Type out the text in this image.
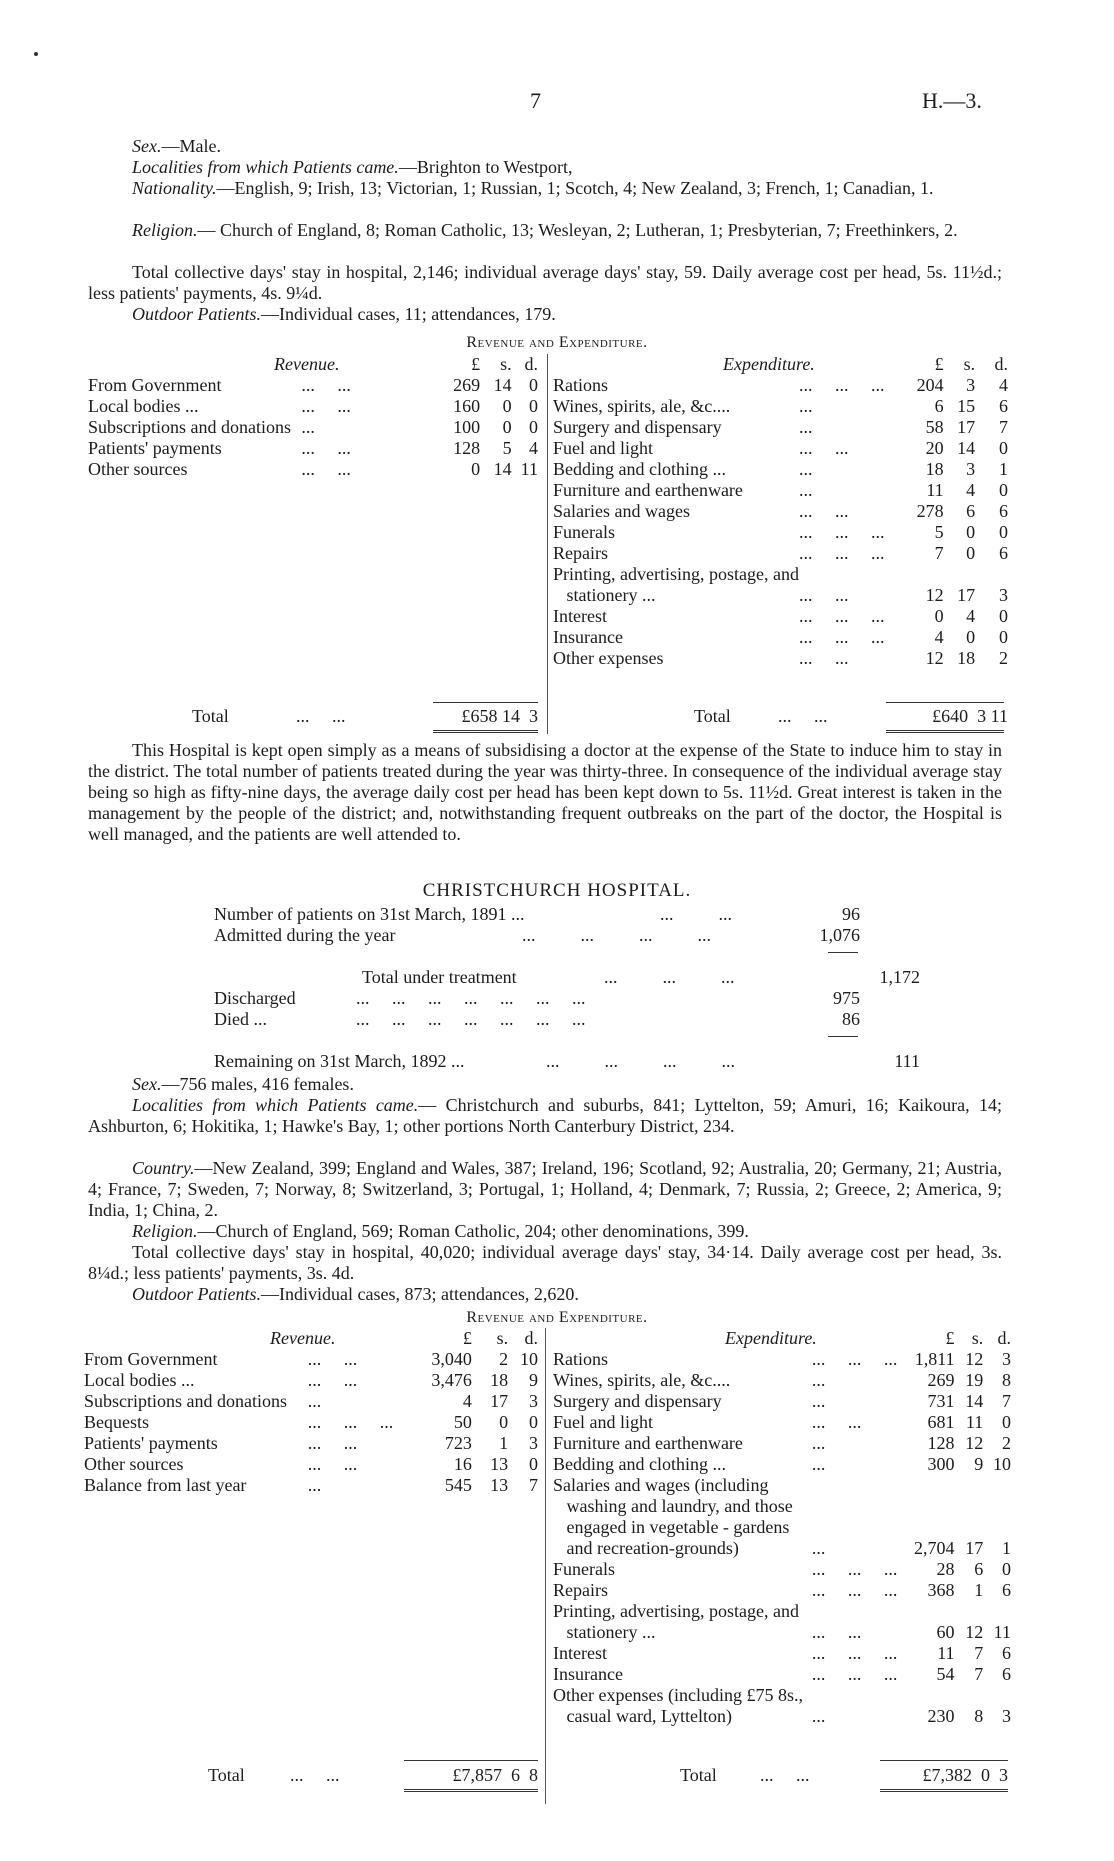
7	H.—3.
Sex.—Male.
Localities from which Patients came.—Brighton to Westport,
Nationality.—English, 9; Irish, 13; Victorian, 1; Russian, 1; Scotch, 4; New Zealand, 3; French, 1; Canadian, 1.
Religion.— Church of England, 8; Roman Catholic, 13; Wesleyan, 2; Lutheran, 1; Presbyterian, 7; Freethinkers, 2.
Total collective days' stay in hospital, 2,146; individual average days' stay, 59. Daily average cost per head, 5s. 11½d.; less patients' payments, 4s. 9¼d.
Outdoor Patients.—Individual cases, 11; attendances, 179.
Revenue and Expenditure.
Revenue.		£	s.	d.
From Government	...     ...	269	14	0
Local bodies ...	...     ...	160	0	0
Subscriptions and donations	...	100	0	0
Patients' payments	...     ...	128	5	4
Other sources	...     ...	0	14	11
Expenditure.		£	s.	d.
Rations	...     ...     ...	204	3	4
Wines, spirits, ale, &c....	...	6	15	6
Surgery and dispensary	...	58	17	7
Fuel and light	...     ...	20	14	0
Bedding and clothing ...	...	18	3	1
Furniture and earthenware	...	11	4	0
Salaries and wages	...     ...	278	6	6
Funerals	...     ...     ...	5	0	0
Repairs	...     ...     ...	7	0	6
Printing, advertising, postage, and				
stationery ...	...     ...	12	17	3
Interest	...     ...     ...	0	4	0
Insurance	...     ...     ...	4	0	0
Other expenses	...     ...	12	18	2
Total	...     ...	£658 14  3	Total	...     ...	£640  3 11
This Hospital is kept open simply as a means of subsidising a doctor at the expense of the State to induce him to stay in the district. The total number of patients treated during the year was thirty-three. In consequence of the individual average stay being so high as fifty-nine days, the average daily cost per head has been kept down to 5s. 11½d. Great interest is taken in the management by the people of the district; and, notwithstanding frequent outbreaks on the part of the doctor, the Hospital is well managed, and the patients are well attended to.
CHRISTCHURCH HOSPITAL.
Number of patients on 31st March, 1891 ...	...          ...	96
Admitted during the year	...          ...          ...          ...	1,076
Total under treatment	...          ...          ...	1,172
Discharged	...     ...     ...     ...     ...     ...     ...	975
Died ...	...     ...     ...     ...     ...     ...     ...	86
Remaining on 31st March, 1892 ...	...          ...          ...          ...	111
Sex.—756 males, 416 females.
Localities from which Patients came.— Christchurch and suburbs, 841; Lyttelton, 59; Amuri, 16; Kaikoura, 14; Ashburton, 6; Hokitika, 1; Hawke's Bay, 1; other portions North Canterbury District, 234.
Country.—New Zealand, 399; England and Wales, 387; Ireland, 196; Scotland, 92; Australia, 20; Germany, 21; Austria, 4; France, 7; Sweden, 7; Norway, 8; Switzerland, 3; Portugal, 1; Holland, 4; Denmark, 7; Russia, 2; Greece, 2; America, 9; India, 1; China, 2.
Religion.—Church of England, 569; Roman Catholic, 204; other denominations, 399.
Total collective days' stay in hospital, 40,020; individual average days' stay, 34·14. Daily average cost per head, 3s. 8¼d.; less patients' payments, 3s. 4d.
Outdoor Patients.—Individual cases, 873; attendances, 2,620.
Revenue and Expenditure.
Revenue.		£	s.	d.
From Government	...     ...	3,040	2	10
Local bodies ...	...     ...	3,476	18	9
Subscriptions and donations	...	4	17	3
Bequests	...     ...     ...	50	0	0
Patients' payments	...     ...	723	1	3
Other sources	...     ...	16	13	0
Balance from last year	...	545	13	7
Expenditure.		£	s.	d.
Rations	...     ...     ...	1,811	12	3
Wines, spirits, ale, &c....	...	269	19	8
Surgery and dispensary	...	731	14	7
Fuel and light	...     ...	681	11	0
Furniture and earthenware	...	128	12	2
Bedding and clothing ...	...	300	9	10
Salaries and wages (including				
washing and laundry, and those				
engaged in vegetable - gardens				
and recreation-grounds)	...	2,704	17	1
Funerals	...     ...     ...	28	6	0
Repairs	...     ...     ...	368	1	6
Printing, advertising, postage, and				
stationery ...	...     ...	60	12	11
Interest	...     ...     ...	11	7	6
Insurance	...     ...     ...	54	7	6
Other expenses (including £75 8s.,				
casual ward, Lyttelton)	...	230	8	3
Total	...     ...	£7,857  6  8	Total ...     ...	£7,382  0  3
